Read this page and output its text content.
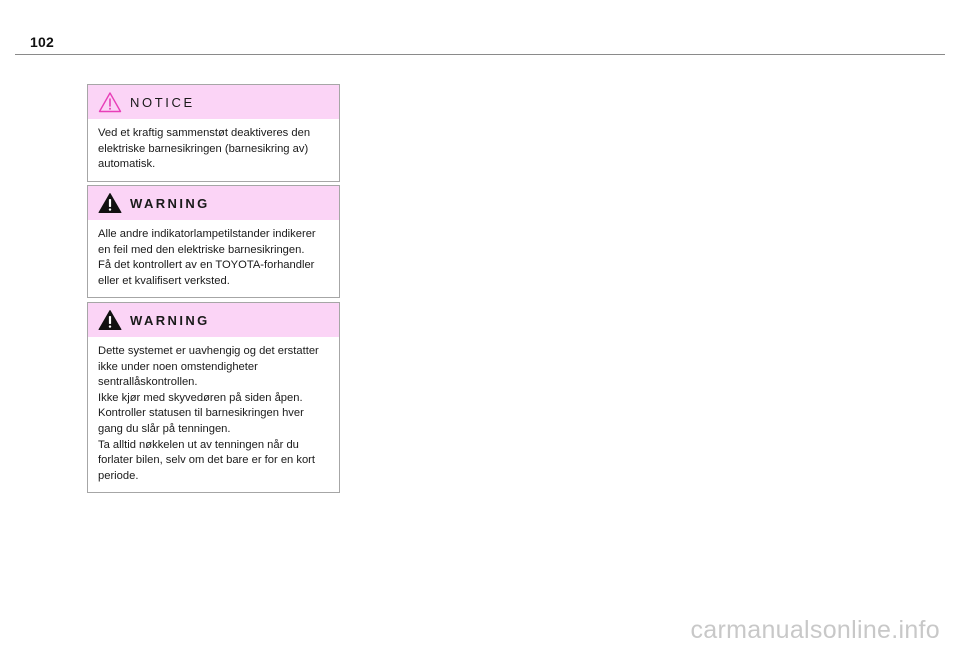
102
NOTICE

Ved et kraftig sammenstøt deaktiveres den

elektriske barnesikringen (barnesikring av)

automatisk.

WARNING

Alle andre indikatorlampetilstander indikerer

en feil med den elektriske barnesikringen.

Få det kontrollert av en TOYOTA-forhandler

eller et kvalifisert verksted.

WARNING

Dette systemet er uavhengig og det erstatter

ikke under noen omstendigheter

sentrallåskontrollen.

Ikke kjør med skyvedøren på siden åpen.

Kontroller statusen til barnesikringen hver

gang du slår på tenningen.

Ta alltid nøkkelen ut av tenningen når du

forlater bilen, selv om det bare er for en kort

periode.

carmanualsonline.info
